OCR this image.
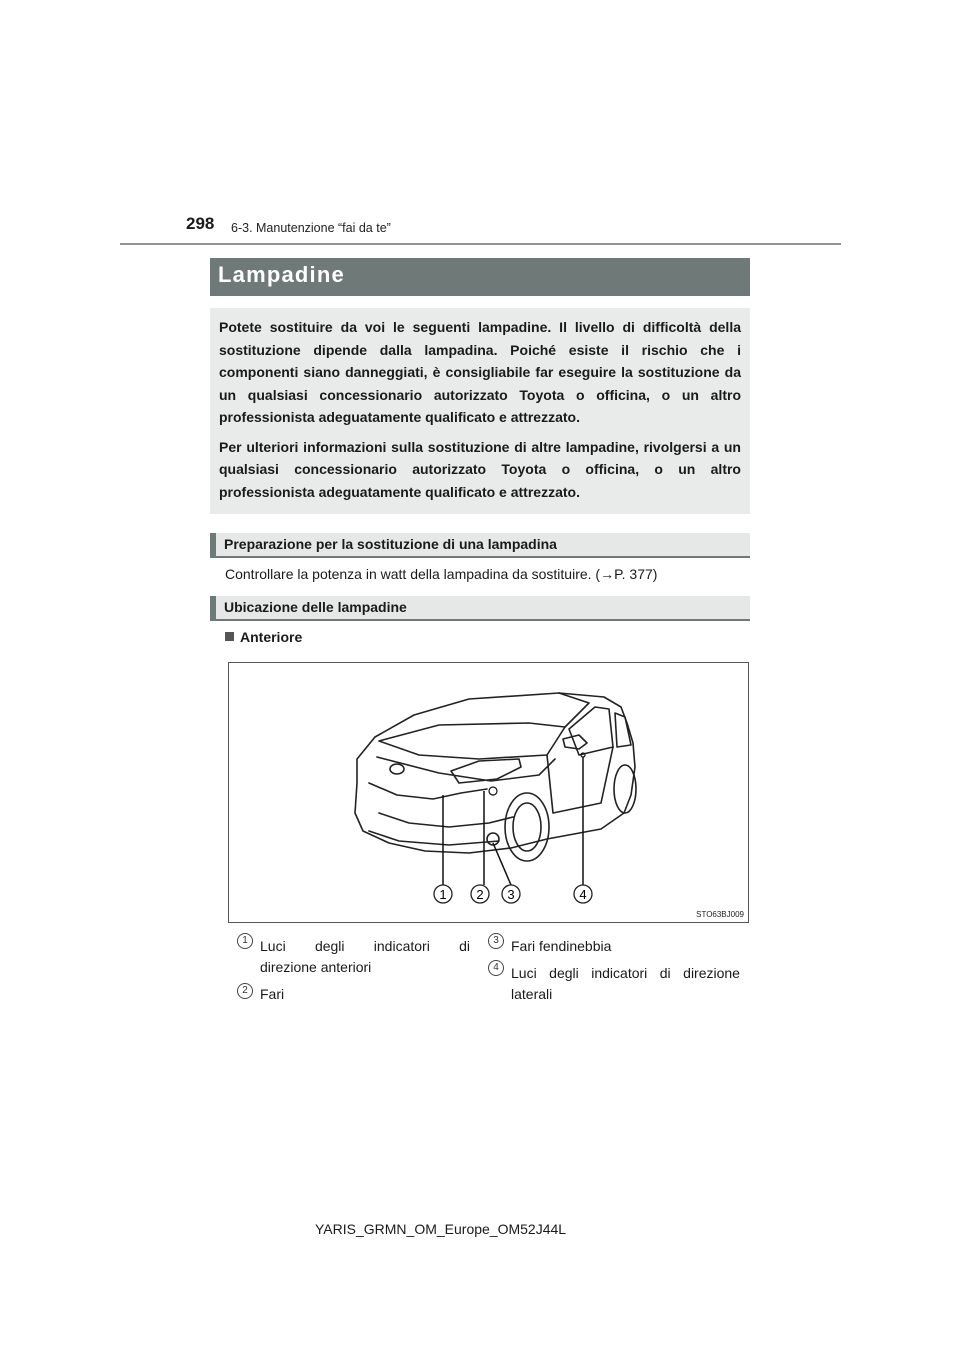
298 6-3. Manutenzione “fai da te”
Lampadine

Potete sostituire da voi le seguenti lampadine. Il livello di difficoltà della sostituzione dipende dalla lampadina. Poiché esiste il rischio che i componenti siano danneggiati, è consigliabile far eseguire la sostituzione da un qualsiasi concessionario autorizzato Toyota o officina, o un altro professionista adeguatamente qualificato e attrezzato.

Per ulteriori informazioni sulla sostituzione di altre lampadine, rivolgersi a un qualsiasi concessionario autorizzato Toyota o officina, o un altro professionista adeguatamente qualificato e attrezzato.

Preparazione per la sostituzione di una lampadina
Controllare la potenza in watt della lampadina da sostituire. (→P. 377)
Ubicazione delle lampadine
Anteriore
1 2 3	4
STO63BJ009
1 Luci degli indicatori di
direzione anteriori
2 Fari
3 Fari fendinebbia
4 Luci degli indicatori di direzione
laterali
YARIS_GRMN_OM_Europe_OM52J44L
